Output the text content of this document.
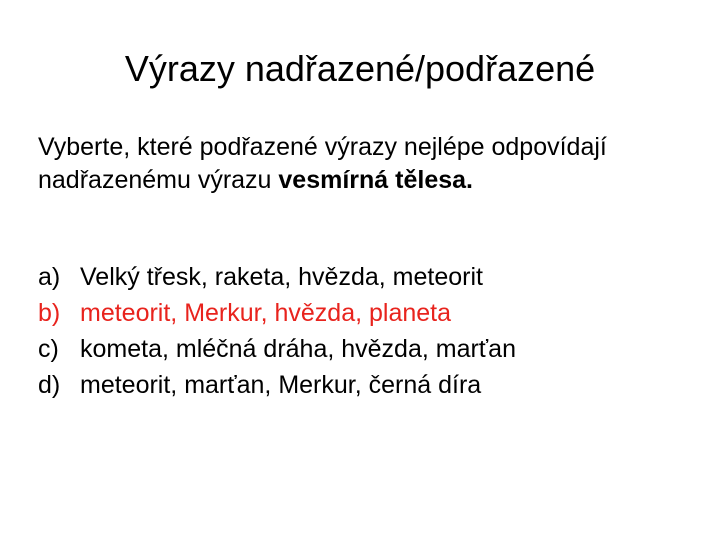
Výrazy nadřazené/podřazené

Vyberte, které podřazené výrazy nejlépe odpovídají nadřazenému výrazu vesmírná tělesa.

a) Velký třesk, raketa, hvězda, meteorit
b) meteorit, Merkur, hvězda, planeta
c) kometa, mléčná dráha, hvězda, marťan
d) meteorit, marťan, Merkur, černá díra
